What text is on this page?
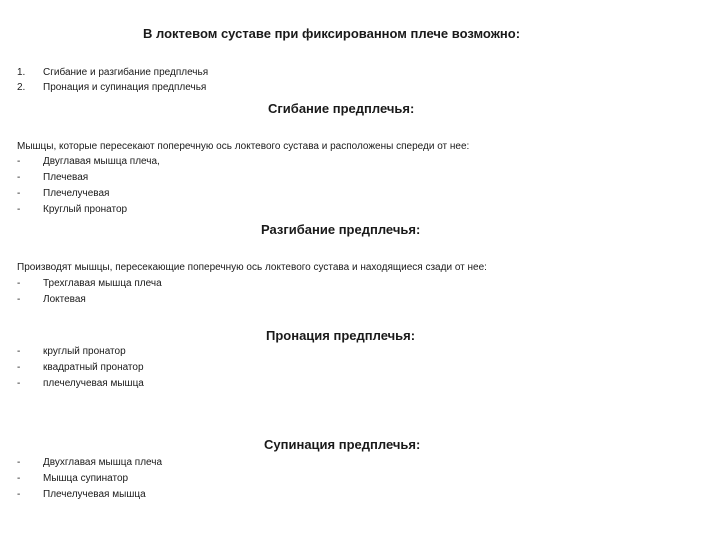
В локтевом суставе при фиксированном плече возможно:
1. Сгибание и разгибание предплечья
2. Пронация и супинация предплечья
Сгибание предплечья:
Мышцы, которые пересекают поперечную ось локтевого сустава и расположены спереди от нее:
- Двуглавая мышца плеча,
- Плечевая
- Плечелучевая
- Круглый пронатор
Разгибание предплечья:
Производят мышцы, пересекающие поперечную ось локтевого сустава и находящиеся сзади от нее:
- Трехглавая мышца плеча
- Локтевая
Пронация предплечья:
- круглый пронатор
- квадратный пронатор
- плечелучевая мышца
Супинация предплечья:
- Двухглавая мышца плеча
- Мышца супинатор
- Плечелучевая мышца
